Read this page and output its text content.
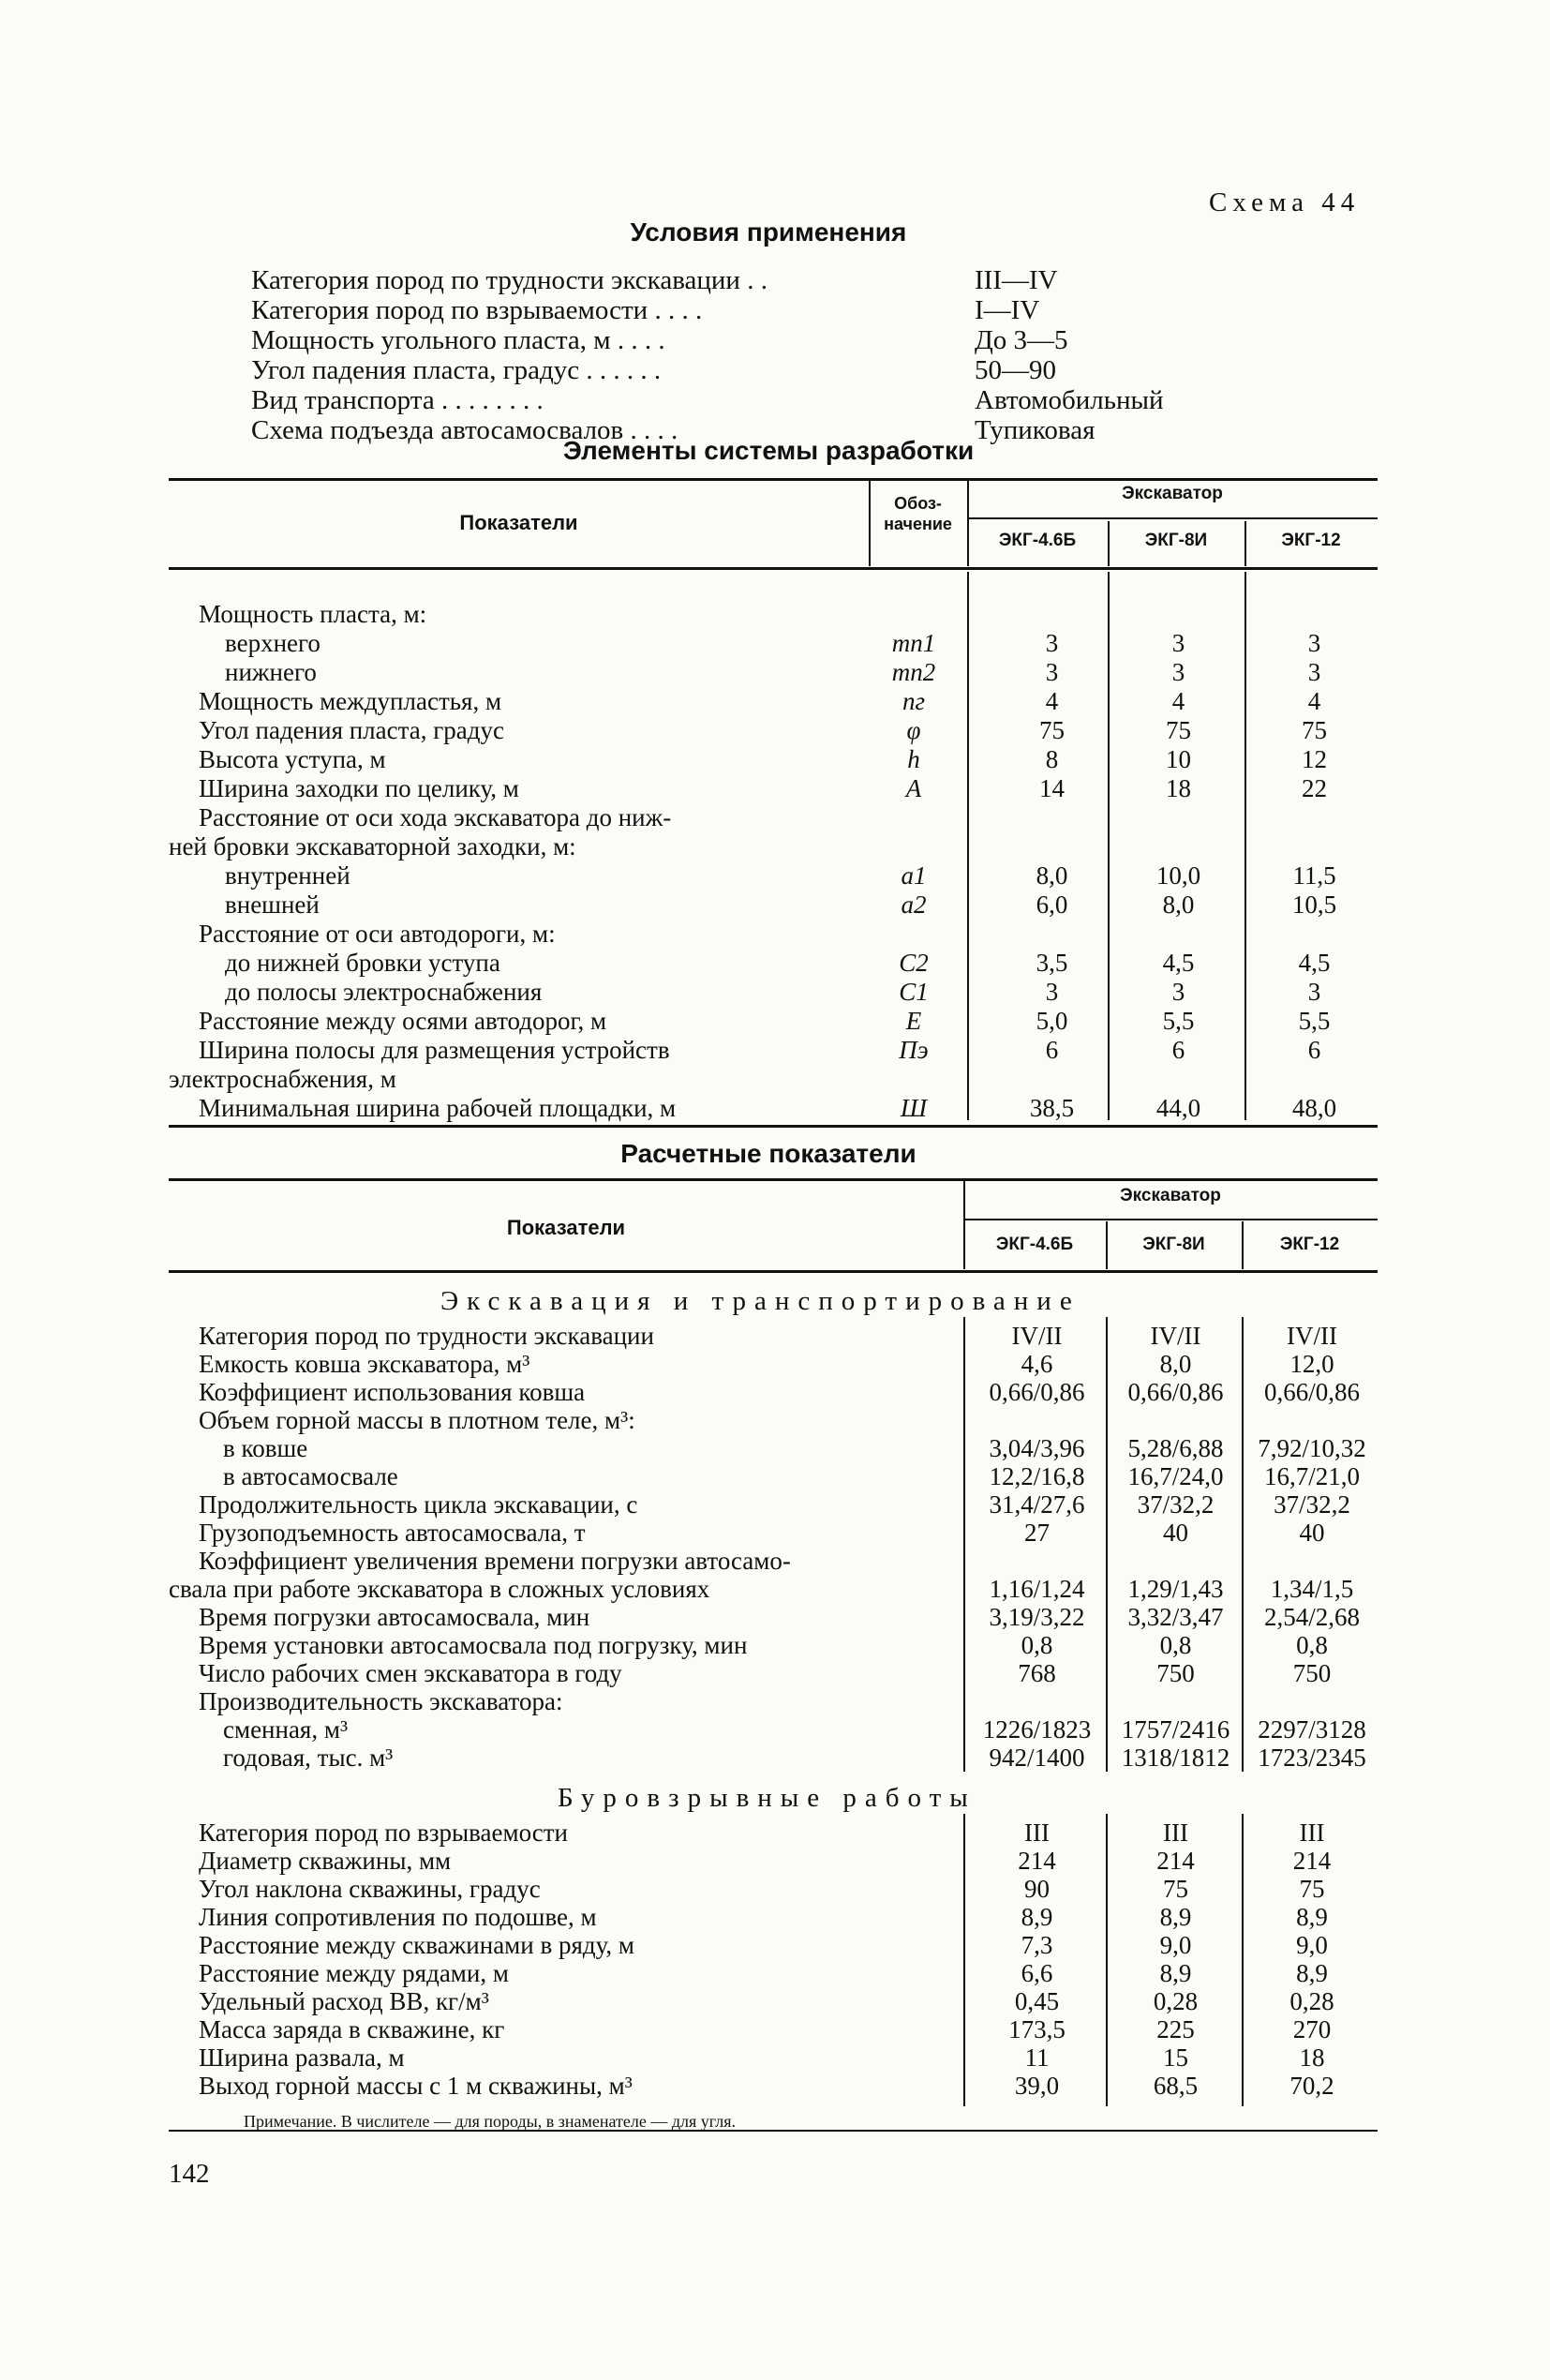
Схема 44
Условия применения
Категория пород по трудности экскавации . .	III—IV
Категория пород по взрываемости . . . .	I—IV
Мощность угольного пласта, м . . . .	До 3—5
Угол падения пласта, градус . . . . . .	50—90
Вид транспорта . . . . . . . .	Автомобильный
Схема подъезда автосамосвалов . . . .	Тупиковая
Элементы системы разработки
Показатели
Обоз-
начение
Экскаватор
ЭКГ-4.6Б	ЭКГ-8И	ЭКГ-12
Мощность пласта, м:
верхнего	mп1	3	3	3
нижнего	mп2	3	3	3
Мощность междупластья, м	nг	4	4	4
Угол падения пласта, градус	φ	75	75	75
Высота уступа, м	h	8	10	12
Ширина заходки по целику, м	A	14	18	22
Расстояние от оси хода экскаватора до ниж-
ней бровки экскаваторной заходки, м:
внутренней	a1	8,0	10,0	11,5
внешней	a2	6,0	8,0	10,5
Расстояние от оси автодороги, м:
до нижней бровки уступа	C2	3,5	4,5	4,5
до полосы электроснабжения	C1	3	3	3
Расстояние между осями автодорог, м	E	5,0	5,5	5,5
Ширина полосы для размещения устройств	Пэ	6	6	6
электроснабжения, м
Минимальная ширина рабочей площадки, м	Ш	38,5	44,0	48,0
Расчетные показатели
Показатели
Экскаватор
ЭКГ-4.6Б	ЭКГ-8И	ЭКГ-12
Экскавация и транспортирование
Категория пород по трудности экскавации	IV/II	IV/II	IV/II
Емкость ковша экскаватора, м³	4,6	8,0	12,0
Коэффициент использования ковша	0,66/0,86	0,66/0,86	0,66/0,86
Объем горной массы в плотном теле, м³:
в ковше	3,04/3,96	5,28/6,88	7,92/10,32
в автосамосвале	12,2/16,8	16,7/24,0	16,7/21,0
Продолжительность цикла экскавации, с	31,4/27,6	37/32,2	37/32,2
Грузоподъемность автосамосвала, т	27	40	40
Коэффициент увеличения времени погрузки автосамо-
свала при работе экскаватора в сложных условиях	1,16/1,24	1,29/1,43	1,34/1,5
Время погрузки автосамосвала, мин	3,19/3,22	3,32/3,47	2,54/2,68
Время установки автосамосвала под погрузку, мин	0,8	0,8	0,8
Число рабочих смен экскаватора в году	768	750	750
Производительность экскаватора:
сменная, м³	1226/1823	1757/2416	2297/3128
годовая, тыс. м³	942/1400	1318/1812	1723/2345
Буровзрывные работы
Категория пород по взрываемости	III	III	III
Диаметр скважины, мм	214	214	214
Угол наклона скважины, градус	90	75	75
Линия сопротивления по подошве, м	8,9	8,9	8,9
Расстояние между скважинами в ряду, м	7,3	9,0	9,0
Расстояние между рядами, м	6,6	8,9	8,9
Удельный расход ВВ, кг/м³	0,45	0,28	0,28
Масса заряда в скважине, кг	173,5	225	270
Ширина развала, м	11	15	18
Выход горной массы с 1 м скважины, м³	39,0	68,5	70,2
Примечание. В числителе — для породы, в знаменателе — для угля.
142
